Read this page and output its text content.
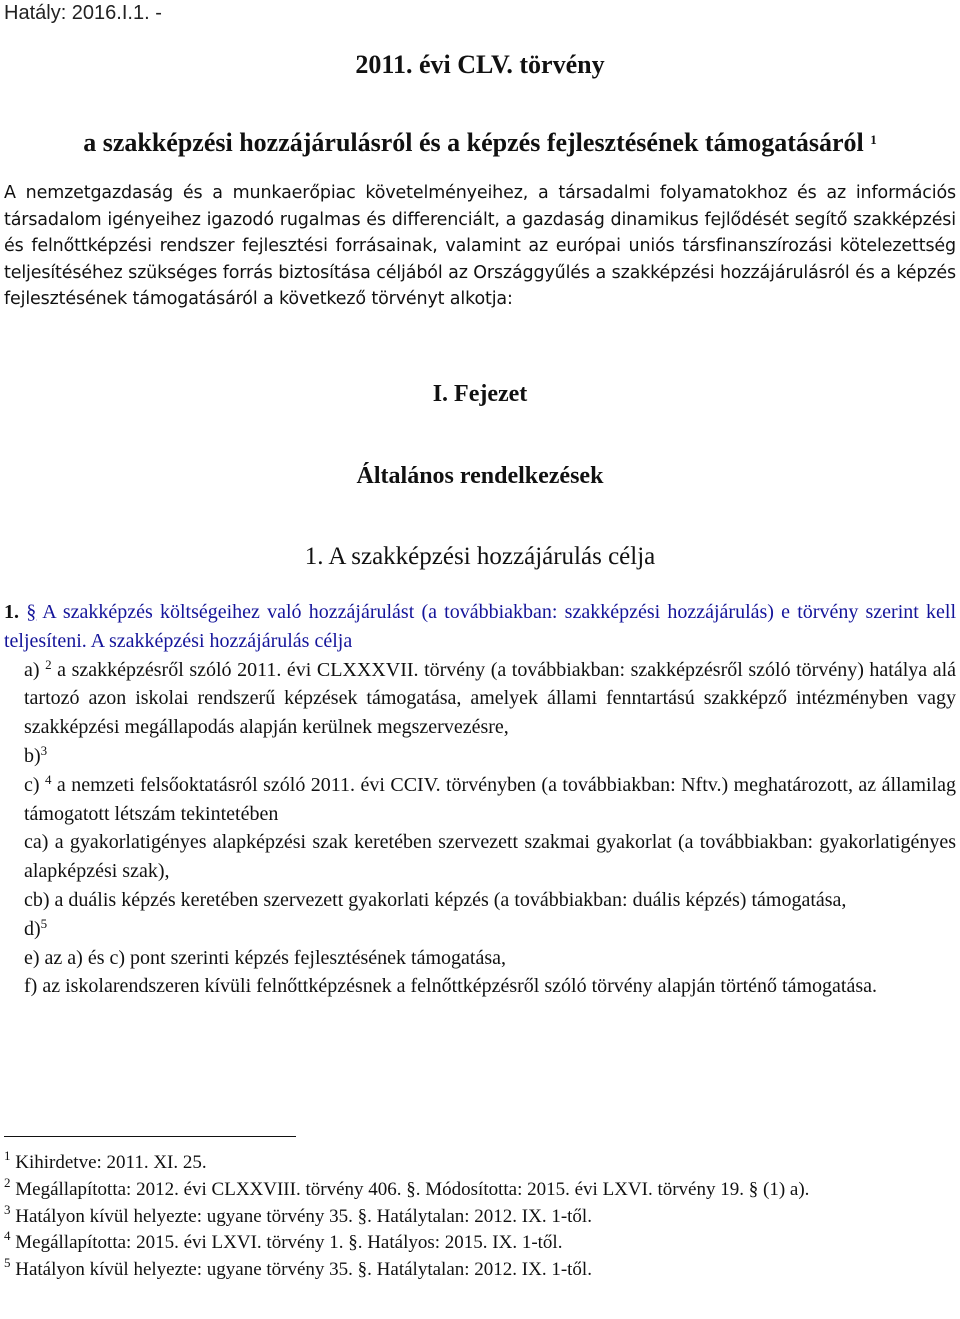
Hatály: 2016.I.1. -
2011. évi CLV. törvény
a szakképzési hozzájárulásról és a képzés fejlesztésének támogatásáról $^1$
A nemzetgazdaság és a munkaerőpiac követelményeihez, a társadalmi folyamatokhoz és az információs társadalom igényeihez igazodó rugalmas és differenciált, a gazdaság dinamikus fejlődését segítő szakképzési és felnőttképzési rendszer fejlesztési forrásainak, valamint az európai uniós társfinanszírozási kötelezettség teljesítéséhez szükséges forrás biztosítása céljából az Országgyűlés a szakképzési hozzájárulásról és a képzés fejlesztésének támogatásáról a következő törvényt alkotja:
I. Fejezet
Általános rendelkezések
1. A szakképzési hozzájárulás célja

1. § A szakképzés költségeihez való hozzájárulást (a továbbiakban: szakképzési hozzájárulás) e törvény szerint kell teljesíteni. A szakképzési hozzájárulás célja

a) $^2$ a szakképzésről szóló 2011. évi CLXXXVII. törvény (a továbbiakban: szakképzésről szóló törvény) hatálya alá tartozó azon iskolai rendszerű képzések támogatása, amelyek állami fenntartású szakképző intézményben vagy szakképzési megállapodás alapján kerülnek megszervezésre,

b)$^3$

c) $^4$ a nemzeti felsőoktatásról szóló 2011. évi CCIV. törvényben (a továbbiakban: Nftv.) meghatározott, az államilag támogatott létszám tekintetében

ca) a gyakorlatigényes alapképzési szak keretében szervezett szakmai gyakorlat (a továbbiakban: gyakorlatigényes alapképzési szak),

cb) a duális képzés keretében szervezett gyakorlati képzés (a továbbiakban: duális képzés) támogatása,

d)$^5$

e) az a) és c) pont szerinti képzés fejlesztésének támogatása,

f) az iskolarendszeren kívüli felnőttképzésnek a felnőttképzésről szóló törvény alapján történő támogatása.

$^1$ Kihirdetve: 2011. XI. 25.

$^2$ Megállapította: 2012. évi CLXXVIII. törvény 406. §. Módosította: 2015. évi LXVI. törvény 19. § (1) a).

$^3$ Hatályon kívül helyezte: ugyane törvény 35. §. Hatálytalan: 2012. IX. 1-től.

$^4$ Megállapította: 2015. évi LXVI. törvény 1. §. Hatályos: 2015. IX. 1-től.

$^5$ Hatályon kívül helyezte: ugyane törvény 35. §. Hatálytalan: 2012. IX. 1-től.
